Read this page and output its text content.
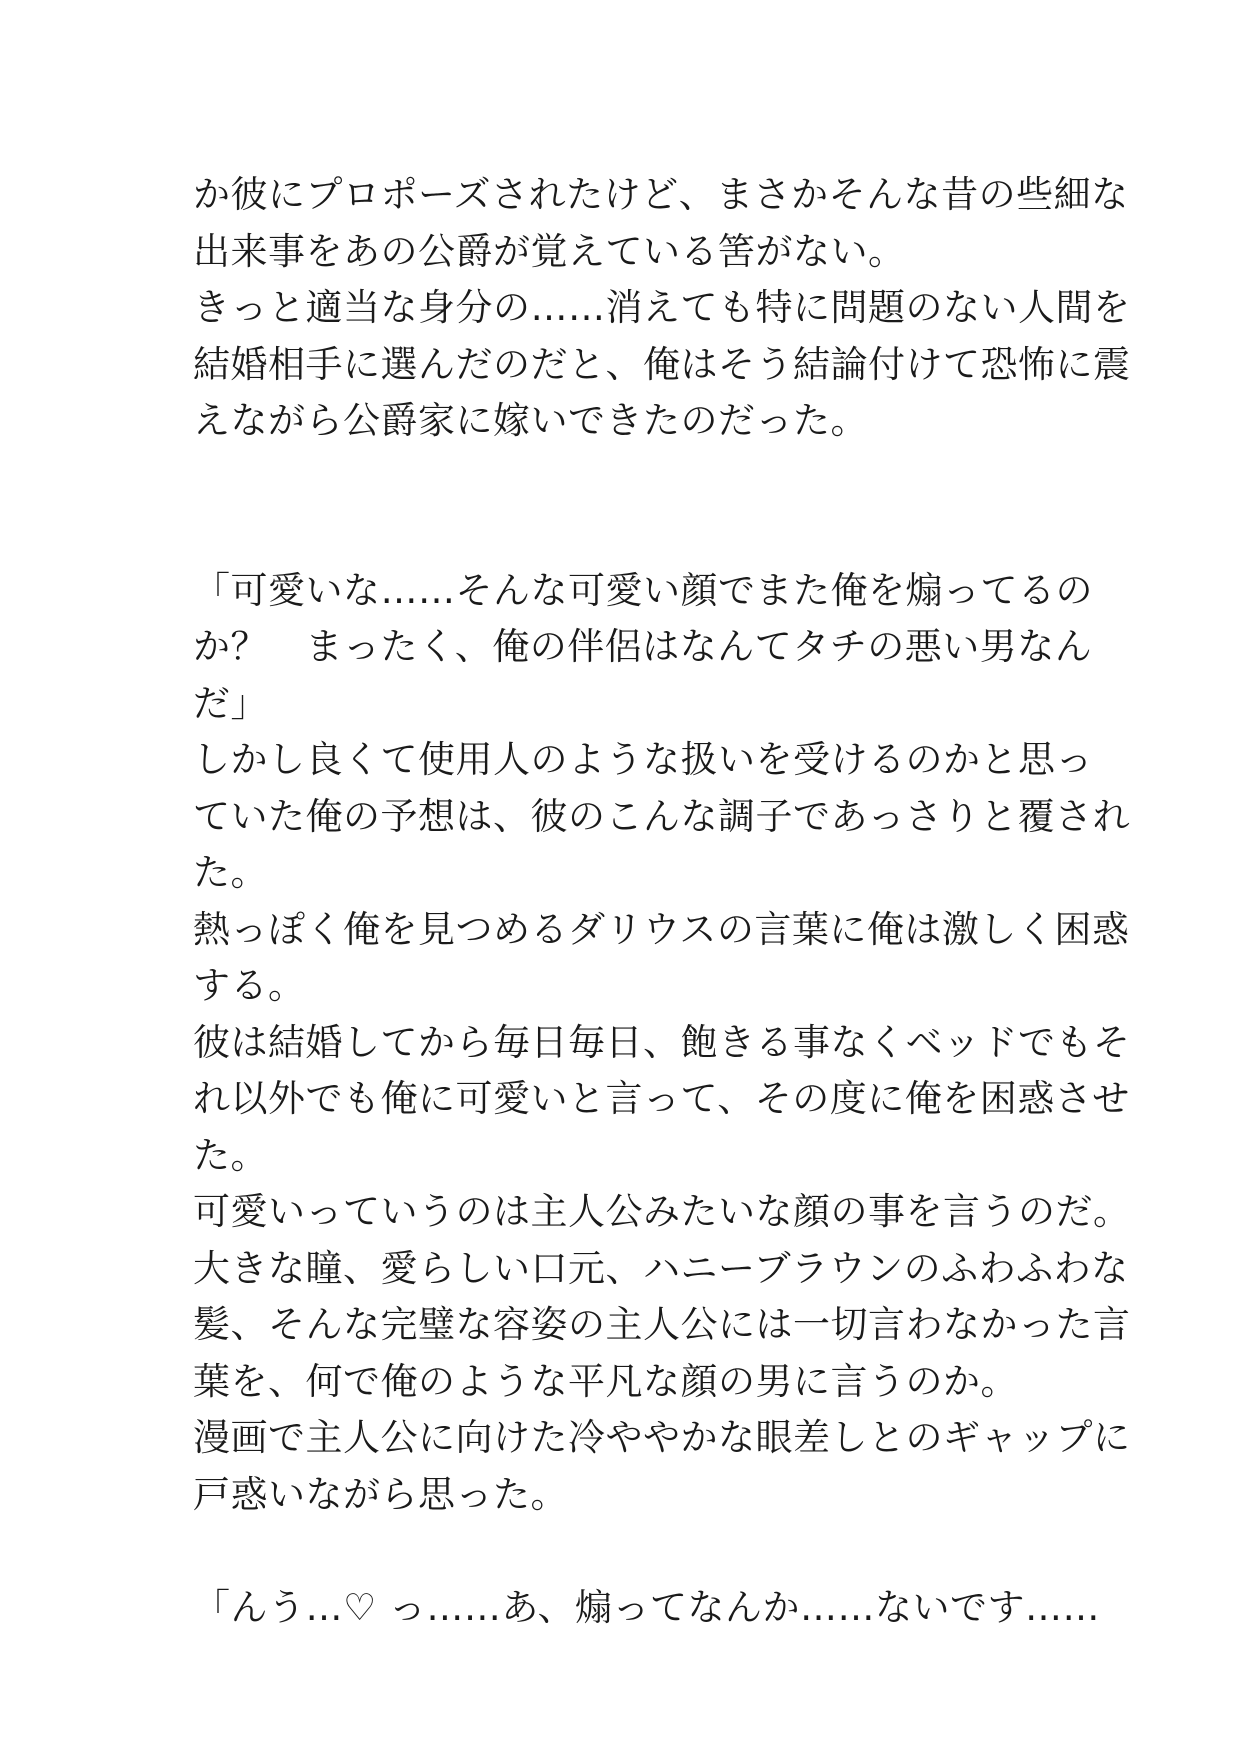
か彼にプロポーズされたけど、まさかそんな昔の些細な
出来事をあの公爵が覚えている筈がない。
きっと適当な身分の……消えても特に問題のない人間を
結婚相手に選んだのだと、俺はそう結論付けて恐怖に震
えながら公爵家に嫁いできたのだった。
「可愛いな……そんな可愛い顔でまた俺を煽ってるの
か？　まったく、俺の伴侶はなんてタチの悪い男なん
だ」
しかし良くて使用人のような扱いを受けるのかと思っ
ていた俺の予想は、彼のこんな調子であっさりと覆され
た。
熱っぽく俺を見つめるダリウスの言葉に俺は激しく困惑
する。
彼は結婚してから毎日毎日、飽きる事なくベッドでもそ
れ以外でも俺に可愛いと言って、その度に俺を困惑させ
た。
可愛いっていうのは主人公みたいな顔の事を言うのだ。
大きな瞳、愛らしい口元、ハニーブラウンのふわふわな
髪、そんな完璧な容姿の主人公には一切言わなかった言
葉を、何で俺のような平凡な顔の男に言うのか。
漫画で主人公に向けた冷ややかな眼差しとのギャップに
戸惑いながら思った。
「んう…♡ っ……あ、煽ってなんか……ないです……
